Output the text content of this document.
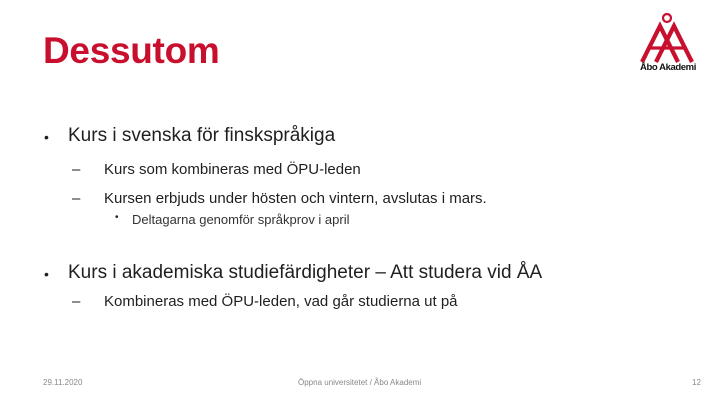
Dessutom	Åbo Akademi
• Kurs i svenska för finskspråkiga
– Kurs som kombineras med ÖPU-leden
– Kursen erbjuds under hösten och vintern, avslutas i mars.
• Deltagarna genomför språkprov i april
• Kurs i akademiska studiefärdigheter – Att studera vid ÅA
– Kombineras med ÖPU-leden, vad går studierna ut på
29.11.2020	Öppna universitetet / Åbo Akademi	12
